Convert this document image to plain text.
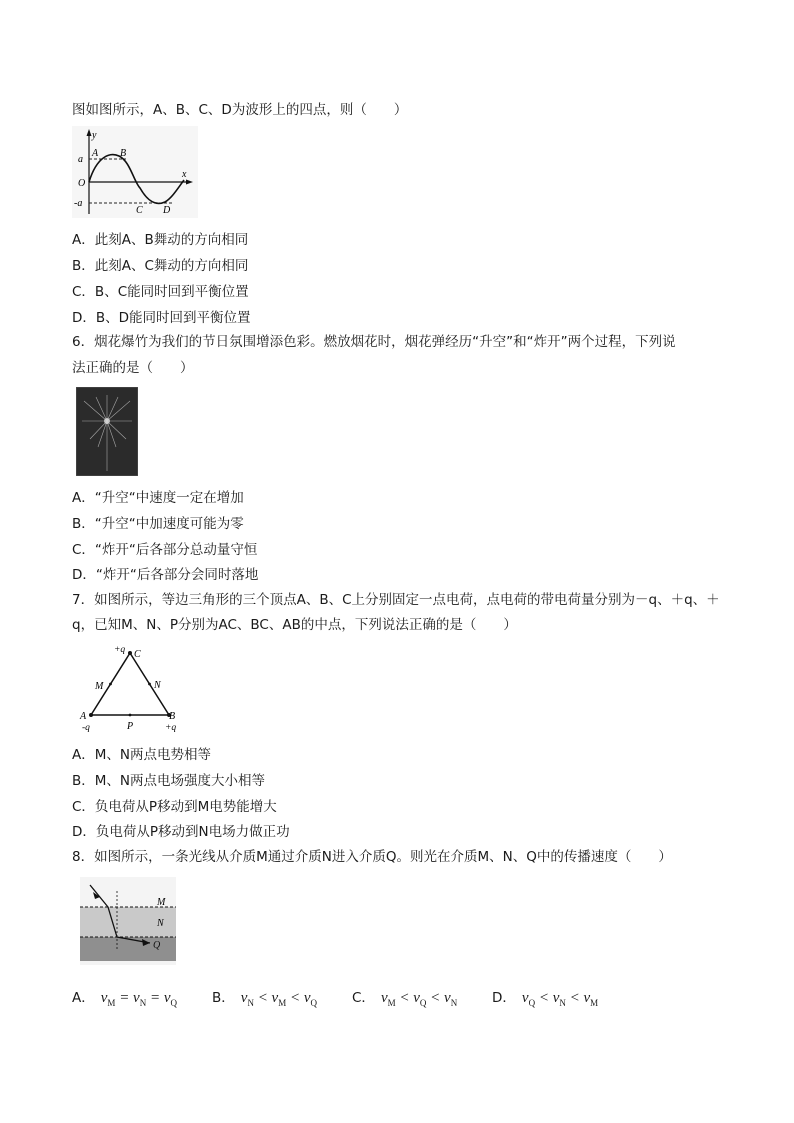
图如图所示，A、B、C、D为波形上的四点，则（　　）
y
x
a
-a
O
A B
C D
A．此刻A、B舞动的方向相同
B．此刻A、C舞动的方向相同
C．B、C能同时回到平衡位置
D．B、D能同时回到平衡位置
6．烟花爆竹为我们的节日氛围增添色彩。燃放烟花时，烟花弹经历“升空”和“炸开”两个过程，下列说
法正确的是（　　）
A．“升空“中速度一定在增加
B．“升空“中加速度可能为零
C．“炸开“后各部分总动量守恒
D．“炸开“后各部分会同时落地
7．如图所示，等边三角形的三个顶点A、B、C上分别固定一点电荷，点电荷的带电荷量分别为－q、＋q、＋
q，已知M、N、P分别为AC、BC、AB的中点，下列说法正确的是（　　）
+q C
M	N
A
-q	P
B
+q
A．M、N两点电势相等
B．M、N两点电场强度大小相等
C．负电荷从P移动到M电势能增大
D．负电荷从P移动到N电场力做正功
8．如图所示，一条光线从介质M通过介质N进入介质Q。则光在介质M、N、Q中的传播速度（　　）
M
N
Q
A． $v_M = v_N = v_Q$	B． $v_N < v_M < v_Q$	C． $v_M < v_Q < v_N$	D． $v_Q < v_N < v_M$
